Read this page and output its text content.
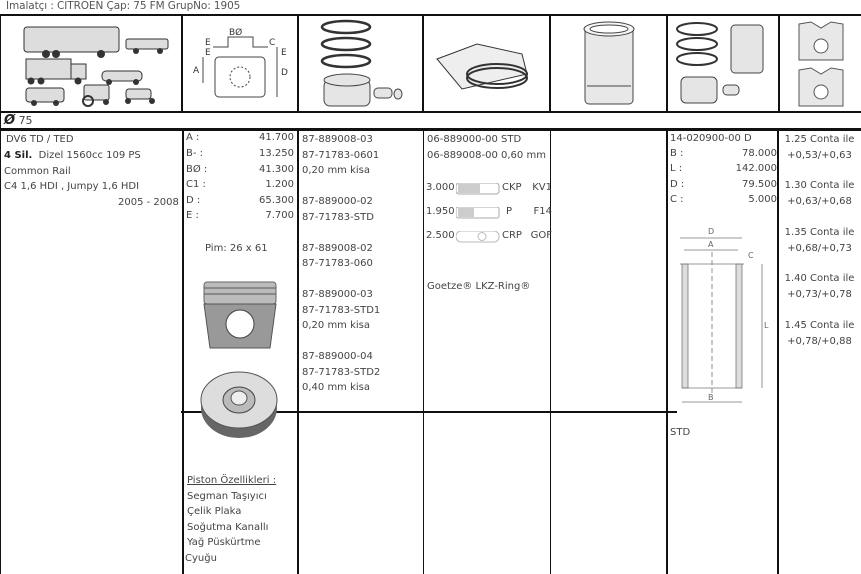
İmalatçı : CITROEN Çap: 75 FM GrupNo: 1905
BØ
E
E
A
C
E
D
Ø 75
DV6 TD / TED
4 Sil. Dizel 1560cc 109 PS
Common Rail
C4 1,6 HDI , Jumpy 1,6 HDI
2005 - 2008
A :	41.700
B- :	13.250
BØ :	41.300
C1 :	1.200
D :	65.300
E :	7.700
Pim: 26 x 61
Piston Özellikleri :
Segman Taşıyıcı
Çelik Plaka
Soğutma Kanallı
Yağ Püskürtme
Cyuğu
87-889008-03
87-71783-0601
0,20 mm kisa
87-889000-02
87-71783-STD
87-889008-02
87-71783-060
87-889000-03
87-71783-STD1
0,20 mm kisa
87-889000-04
87-71783-STD2
0,40 mm kisa
06-889000-00 STD
06-889008-00 0,60 mm
3.000	CKP KV1
1.950	P F14
2.500	CRP GOF
Goetze® LKZ-Ring®
14-020900-00 D
B :	78.000
L :	142.000
D :	79.500
C :	5.000
D
A
C
L
B
STD
1.25 Conta ile
+0,53/+0,63
1.30 Conta ile
+0,63/+0,68
1.35 Conta ile
+0,68/+0,73
1.40 Conta ile
+0,73/+0,78
1.45 Conta ile
+0,78/+0,88
